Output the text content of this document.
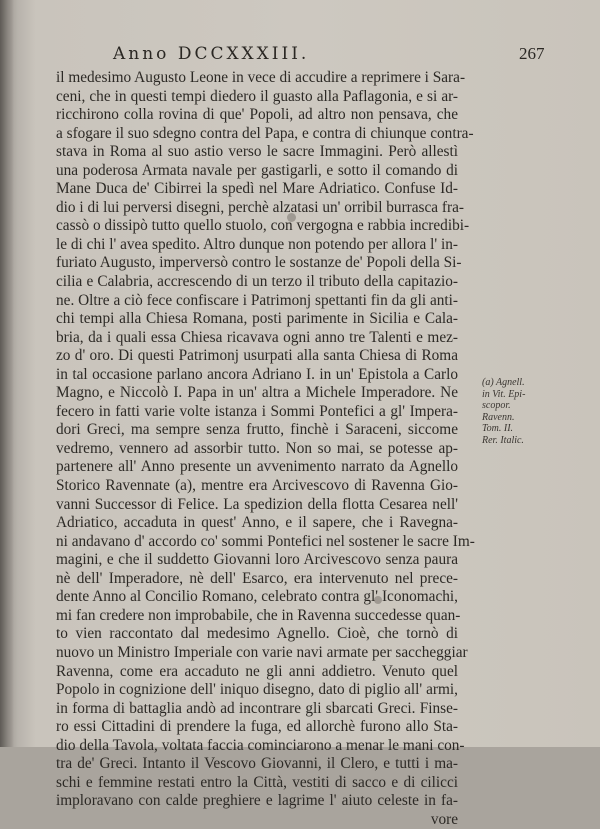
Anno DCCXXXIII.	267
il medesimo Augusto Leone in vece di accudire a reprimere i Sara-
ceni, che in questi tempi diedero il guasto alla Paflagonia, e si ar-
ricchirono colla rovina di que' Popoli, ad altro non pensava, che
a sfogare il suo sdegno contra del Papa, e contra di chiunque contra-
stava in Roma al suo astio verso le sacre Immagini. Però allestì
una poderosa Armata navale per gastigarli, e sotto il comando di
Mane Duca de' Cibirrei la spedì nel Mare Adriatico. Confuse Id-
dio i di lui perversi disegni, perchè alzatasi un' orribil burrasca fra-
cassò o dissipò tutto quello stuolo, con vergogna e rabbia incredibi-
le di chi l' avea spedito. Altro dunque non potendo per allora l' in-
furiato Augusto, imperversò contro le sostanze de' Popoli della Si-
cilia e Calabria, accrescendo di un terzo il tributo della capitazio-
ne. Oltre a ciò fece confiscare i Patrimonj spettanti fin da gli anti-
chi tempi alla Chiesa Romana, posti parimente in Sicilia e Cala-
bria, da i quali essa Chiesa ricavava ogni anno tre Talenti e mez-
zo d' oro. Di questi Patrimonj usurpati alla santa Chiesa di Roma
in tal occasione parlano ancora Adriano I. in un' Epistola a Carlo
Magno, e Niccolò I. Papa in un' altra a Michele Imperadore. Ne
fecero in fatti varie volte istanza i Sommi Pontefici a gl' Impera-
dori Greci, ma sempre senza frutto, finchè i Saraceni, siccome
vedremo, vennero ad assorbir tutto. Non so mai, se potesse ap-
partenere all' Anno presente un avvenimento narrato da Agnello
Storico Ravennate (a), mentre era Arcivescovo di Ravenna Gio-
vanni Successor di Felice. La spedizion della flotta Cesarea nell'
Adriatico, accaduta in quest' Anno, e il sapere, che i Ravegna-
ni andavano d' accordo co' sommi Pontefici nel sostener le sacre Im-
magini, e che il suddetto Giovanni loro Arcivescovo senza paura
nè dell' Imperadore, nè dell' Esarco, era intervenuto nel prece-
dente Anno al Concilio Romano, celebrato contra gl' Iconomachi,
mi fan credere non improbabile, che in Ravenna succedesse quan-
to vien raccontato dal medesimo Agnello. Cioè, che tornò di
nuovo un Ministro Imperiale con varie navi armate per saccheggiar
Ravenna, come era accaduto ne gli anni addietro. Venuto quel
Popolo in cognizione dell' iniquo disegno, dato di piglio all' armi,
in forma di battaglia andò ad incontrare gli sbarcati Greci. Finse-
ro essi Cittadini di prendere la fuga, ed allorchè furono allo Sta-
dio della Tavola, voltata faccia cominciarono a menar le mani con-
tra de' Greci. Intanto il Vescovo Giovanni, il Clero, e tutti i ma-
schi e femmine restati entro la Città, vestiti di sacco e di cilicci
imploravano con calde preghiere e lagrime l' aiuto celeste in fa-
vore
(a) Agnell.
in Vit. Epi-
scopor.
Ravenn.
Tom. II.
Rer. Italic.
